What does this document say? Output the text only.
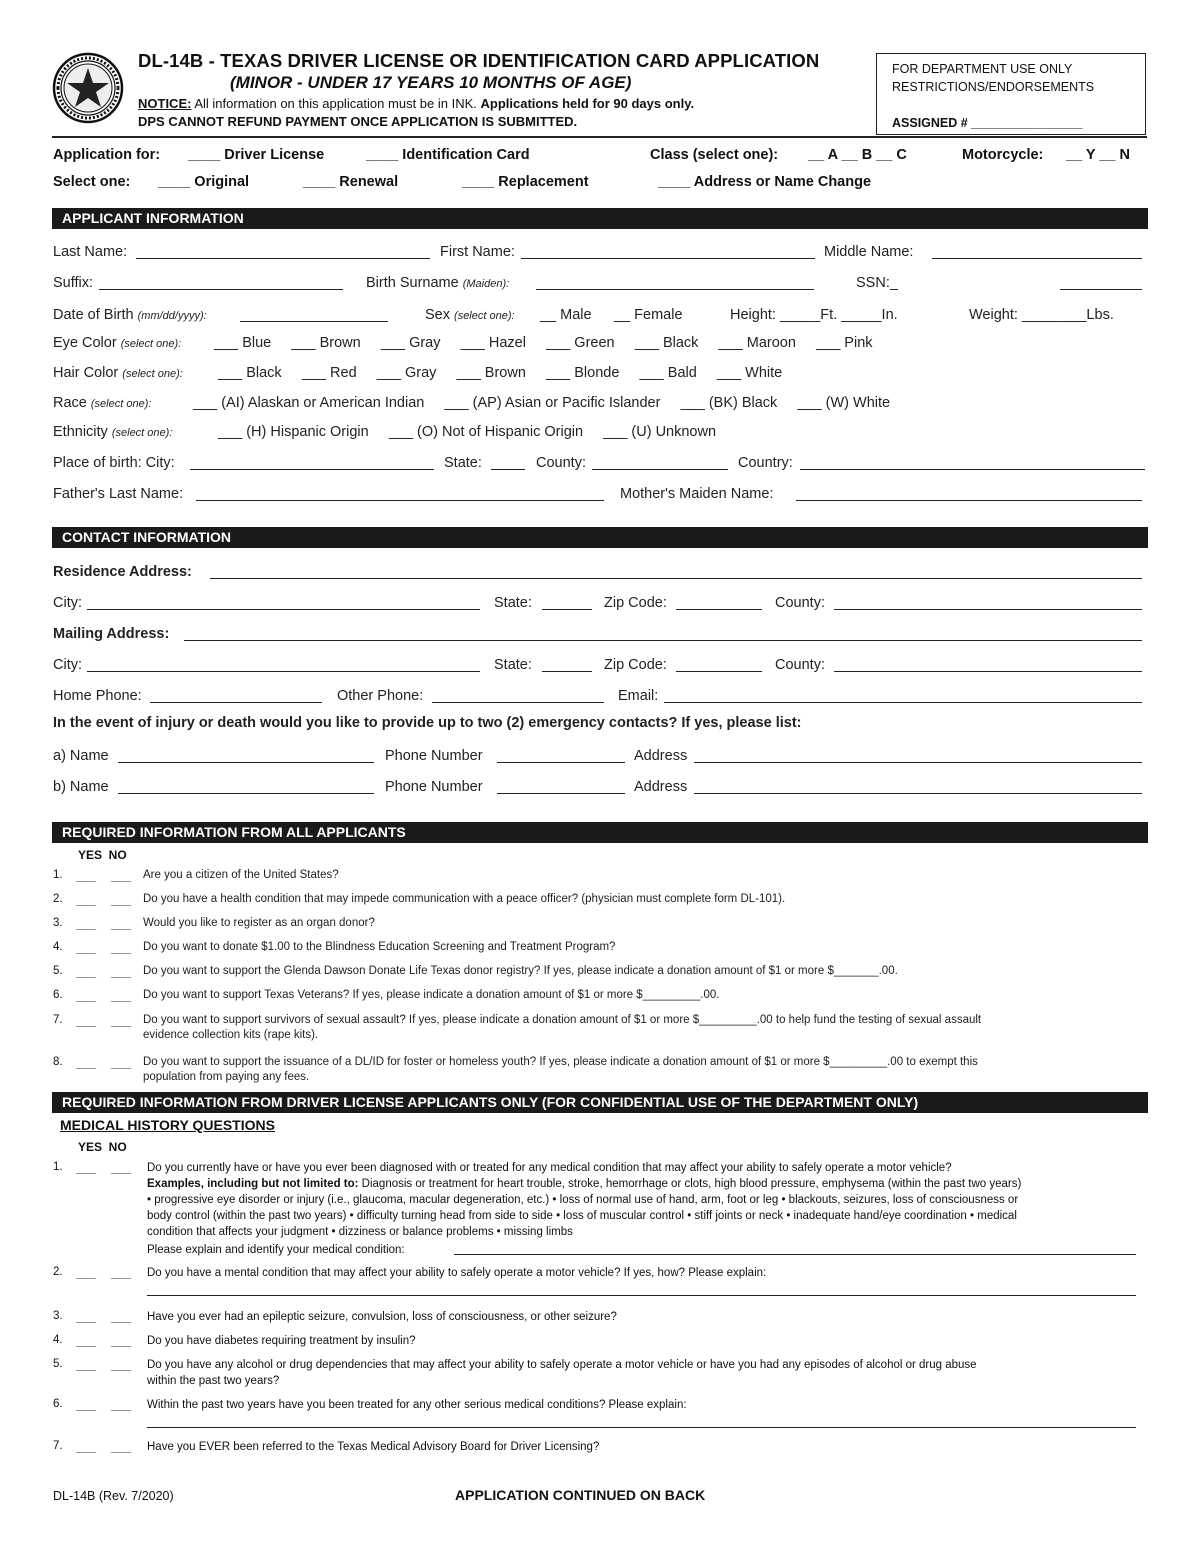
DL-14B - TEXAS DRIVER LICENSE OR IDENTIFICATION CARD APPLICATION
(MINOR - UNDER 17 YEARS 10 MONTHS OF AGE)
NOTICE: All information on this application must be in INK. Applications held for 90 days only.
DPS CANNOT REFUND PAYMENT ONCE APPLICATION IS SUBMITTED.
FOR DEPARTMENT USE ONLY
RESTRICTIONS/ENDORSEMENTS
ASSIGNED # ________________
Application for: ____ Driver License	____ Identification Card	Class (select one): __ A __ B __ C	Motorcycle: __ Y __ N
Select one: ____ Original	____ Renewal	____ Replacement	____ Address or Name Change
APPLICANT INFORMATION
Last Name:	First Name:	Middle Name:
Suffix:	Birth Surname (Maiden):	SSN:
Date of Birth (mm/dd/yyyy):	Sex (select one): __ Male __ Female	Height: _____Ft. _____In.	Weight: ________Lbs.
Eye Color (select one): ___ Blue     ___ Brown     ___ Gray     ___ Hazel     ___ Green     ___ Black     ___ Maroon     ___ Pink
Hair Color (select one): ___ Black     ___ Red     ___ Gray     ___ Brown     ___ Blonde     ___ Bald     ___ White
Race (select one):	___ (AI) Alaskan or American Indian     ___ (AP) Asian or Pacific Islander     ___ (BK) Black     ___ (W) White
Ethnicity (select one):	___ (H) Hispanic Origin     ___ (O) Not of Hispanic Origin     ___ (U) Unknown
Place of birth: City:	State:	County:	Country:
Father's Last Name:	Mother's Maiden Name:
CONTACT INFORMATION
Residence Address:
City:	State:	Zip Code:	County:
Mailing Address:
City:	State:	Zip Code:	County:
Home Phone:	Other Phone:	Email:
In the event of injury or death would you like to provide up to two (2) emergency contacts? If yes, please list:
a) Name	Phone Number	Address
b) Name	Phone Number	Address
REQUIRED INFORMATION FROM ALL APPLICANTS
YES  NO
1. ___ ___ Are you a citizen of the United States?
2. ___ ___ Do you have a health condition that may impede communication with a peace officer? (physician must complete form DL-101).
3. ___ ___ Would you like to register as an organ donor?
4. ___ ___ Do you want to donate $1.00 to the Blindness Education Screening and Treatment Program?
5. ___ ___ Do you want to support the Glenda Dawson Donate Life Texas donor registry? If yes, please indicate a donation amount of $1 or more $_______.00.
6. ___ ___ Do you want to support Texas Veterans? If yes, please indicate a donation amount of $1 or more $_________.00.
7. ___ ___ Do you want to support survivors of sexual assault? If yes, please indicate a donation amount of $1 or more $_________.00 to help fund the testing of sexual assault
evidence collection kits (rape kits).
8. ___ ___ Do you want to support the issuance of a DL/ID for foster or homeless youth? If yes, please indicate a donation amount of $1 or more $_________.00 to exempt this
population from paying any fees.
REQUIRED INFORMATION FROM DRIVER LICENSE APPLICANTS ONLY (FOR CONFIDENTIAL USE OF THE DEPARTMENT ONLY)
MEDICAL HISTORY QUESTIONS
YES  NO
1. ___ ___ Do you currently have or have you ever been diagnosed with or treated for any medical condition that may affect your ability to safely operate a motor vehicle?
Examples, including but not limited to: Diagnosis or treatment for heart trouble, stroke, hemorrhage or clots, high blood pressure, emphysema (within the past two years)
• progressive eye disorder or injury (i.e., glaucoma, macular degeneration, etc.) • loss of normal use of hand, arm, foot or leg • blackouts, seizures, loss of consciousness or
body control (within the past two years) • difficulty turning head from side to side • loss of muscular control • stiff joints or neck • inadequate hand/eye coordination • medical
condition that affects your judgment • dizziness or balance problems • missing limbs
Please explain and identify your medical condition:
2. ___ ___ Do you have a mental condition that may affect your ability to safely operate a motor vehicle? If yes, how? Please explain:
3. ___ ___ Have you ever had an epileptic seizure, convulsion, loss of consciousness, or other seizure?
4. ___ ___ Do you have diabetes requiring treatment by insulin?
5. ___ ___ Do you have any alcohol or drug dependencies that may affect your ability to safely operate a motor vehicle or have you had any episodes of alcohol or drug abuse
within the past two years?
6. ___ ___ Within the past two years have you been treated for any other serious medical conditions? Please explain:
7. ___ ___ Have you EVER been referred to the Texas Medical Advisory Board for Driver Licensing?
DL-14B (Rev. 7/2020)	APPLICATION CONTINUED ON BACK
